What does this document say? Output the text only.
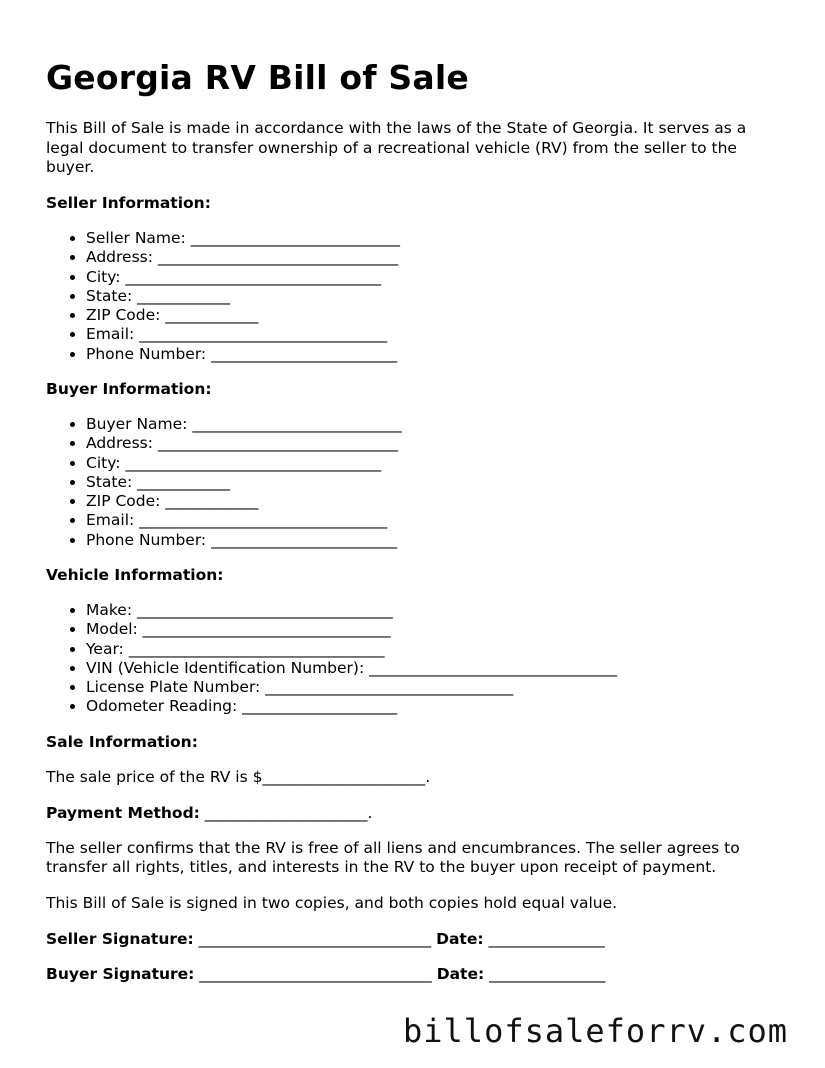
Georgia RV Bill of Sale

This Bill of Sale is made in accordance with the laws of the State of Georgia. It serves as a

legal document to transfer ownership of a recreational vehicle (RV) from the seller to the

buyer.

Seller Information:

• Seller Name: ___________________________
• Address: _______________________________
• City: _________________________________
• State: ____________
• ZIP Code: ____________
• Email: ________________________________
• Phone Number: ________________________

Buyer Information:

• Buyer Name: ___________________________
• Address: _______________________________
• City: _________________________________
• State: ____________
• ZIP Code: ____________
• Email: ________________________________
• Phone Number: ________________________

Vehicle Information:

• Make: _________________________________
• Model: ________________________________
• Year: _________________________________
• VIN (Vehicle Identification Number): ________________________________
• License Plate Number: ________________________________
• Odometer Reading: ____________________

Sale Information:

The sale price of the RV is $_____________________.

Payment Method: _____________________.

The seller confirms that the RV is free of all liens and encumbrances. The seller agrees to

transfer all rights, titles, and interests in the RV to the buyer upon receipt of payment.

This Bill of Sale is signed in two copies, and both copies hold equal value.

Seller Signature: ______________________________ Date: _______________

Buyer Signature: ______________________________ Date: _______________

billofsaleforrv.com
